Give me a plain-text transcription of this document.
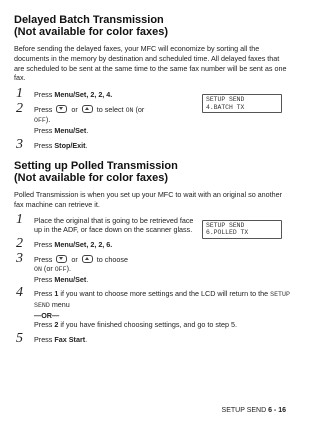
Delayed Batch Transmission
(Not available for color faxes)

Before sending the delayed faxes, your MFC will economize by sorting all the documents in the memory by destination and scheduled time. All delayed faxes that are scheduled to be sent at the same time to the same fax number will be sent as one fax.

SETUP SEND
4.BATCH TX
1 Press Menu/Set, 2, 2, 4.
2 Press	or	to select ON (or
OFF).
Press Menu/Set.
3 Press Stop/Exit.
Setting up Polled Transmission
(Not available for color faxes)

Polled Transmission is when you set up your MFC to wait with an original so another fax machine can retrieve it.

SETUP SEND
6.POLLED TX
1 Place the original that is going to be retrieved face up in the ADF, or face down on the scanner glass.
2 Press Menu/Set, 2, 2, 6.
3 Press	or	to choose
ON (or OFF).
Press Menu/Set.
4 Press 1 if you want to choose more settings and the LCD will return to the SETUP SEND menu
—OR—
Press 2 if you have finished choosing settings, and go to step 5.
5 Press Fax Start.
SETUP SEND 6 - 16
